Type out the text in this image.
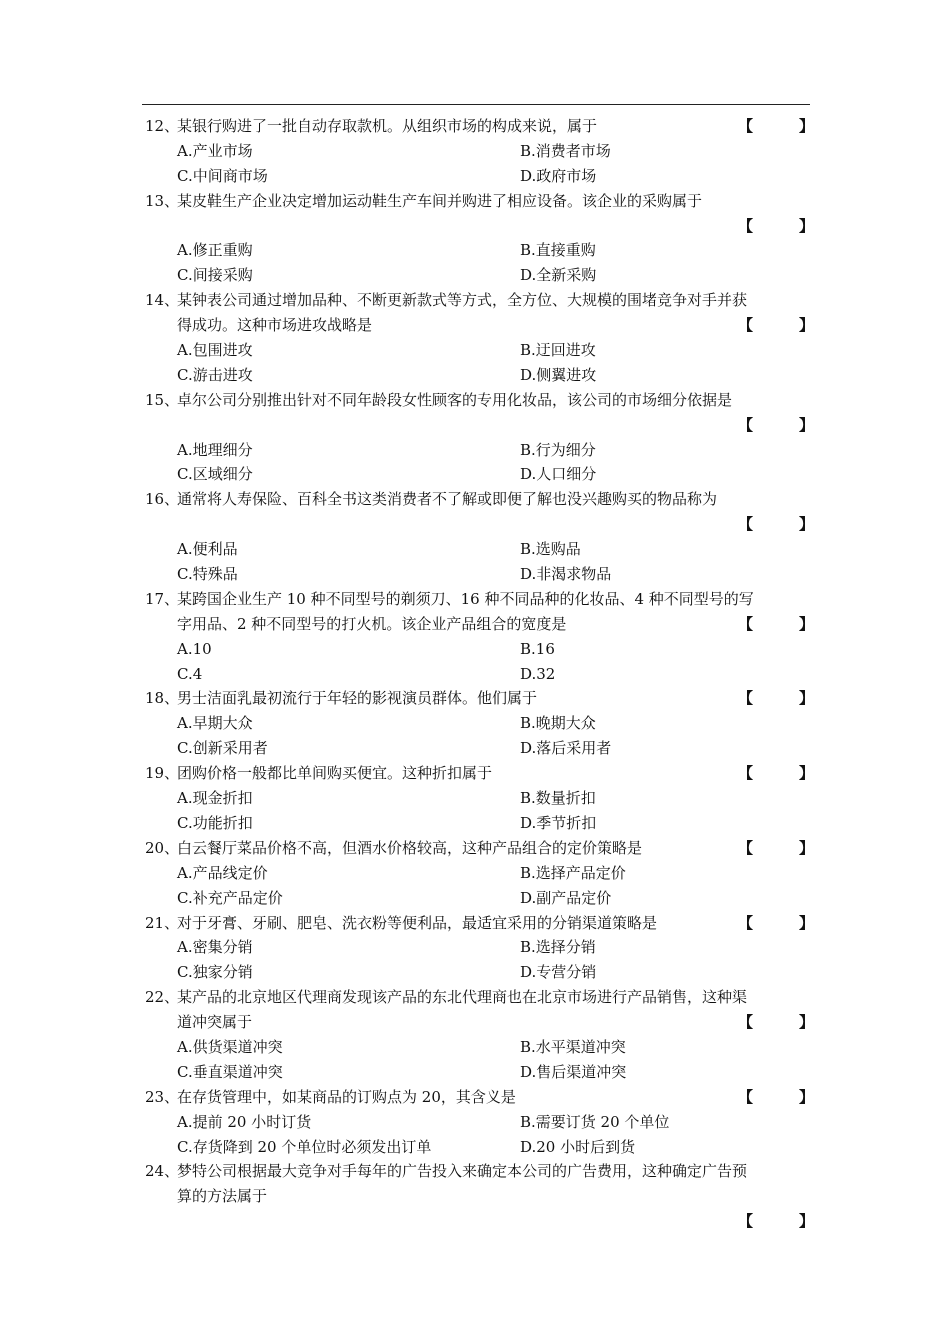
12、
某银行购进了一批自动存取款机。从组织市场的构成来说，属于	【	】
A.产业市场	B.消费者市场
C.中间商市场	D.政府市场
13、
某皮鞋生产企业决定增加运动鞋生产车间并购进了相应设备。该企业的采购属于
【	】
A.修正重购	B.直接重购
C.间接采购	D.全新采购
14、
某钟表公司通过增加品种、不断更新款式等方式，全方位、大规模的围堵竞争对手并获
得成功。这种市场进攻战略是	【	】
A.包围进攻	B.迂回进攻
C.游击进攻	D.侧翼进攻
15、
卓尔公司分别推出针对不同年龄段女性顾客的专用化妆品，该公司的市场细分依据是
【	】
A.地理细分	B.行为细分
C.区域细分	D.人口细分
16、
通常将人寿保险、百科全书这类消费者不了解或即便了解也没兴趣购买的物品称为
【	】
A.便利品	B.选购品
C.特殊品	D.非渴求物品
17、
某跨国企业生产 10 种不同型号的剃须刀、16 种不同品种的化妆品、4 种不同型号的写
字用品、2 种不同型号的打火机。该企业产品组合的宽度是	【	】
A.10	B.16
C.4	D.32
18、
男士洁面乳最初流行于年轻的影视演员群体。他们属于	【	】
A.早期大众	B.晚期大众
C.创新采用者	D.落后采用者
19、
团购价格一般都比单间购买便宜。这种折扣属于	【	】
A.现金折扣	B.数量折扣
C.功能折扣	D.季节折扣
20、
白云餐厅菜品价格不高，但酒水价格较高，这种产品组合的定价策略是	【	】
A.产品线定价	B.选择产品定价
C.补充产品定价	D.副产品定价
21、
对于牙膏、牙刷、肥皂、洗衣粉等便利品，最适宜采用的分销渠道策略是	【	】
A.密集分销	B.选择分销
C.独家分销	D.专营分销
22、
某产品的北京地区代理商发现该产品的东北代理商也在北京市场进行产品销售，这种渠
道冲突属于	【	】
A.供货渠道冲突	B.水平渠道冲突
C.垂直渠道冲突	D.售后渠道冲突
23、
在存货管理中，如某商品的订购点为 20，其含义是	【	】
A.提前 20 小时订货	B.需要订货 20 个单位
C.存货降到 20 个单位时必须发出订单	D.20 小时后到货
24、
梦特公司根据最大竞争对手每年的广告投入来确定本公司的广告费用，这种确定广告预
算的方法属于
【	】
